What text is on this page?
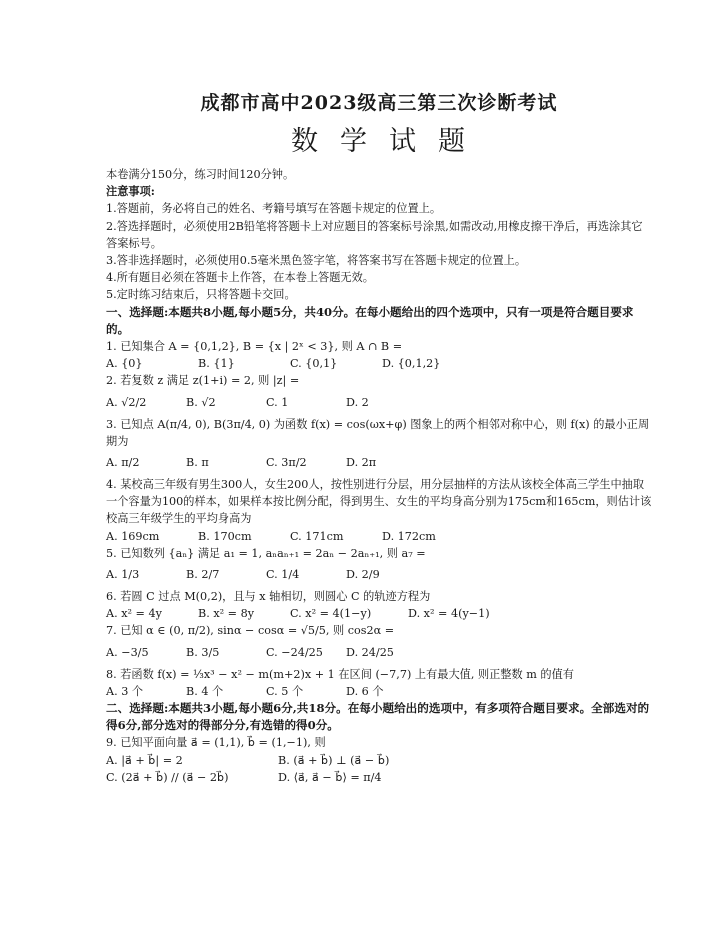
成都市高中2023级高三第三次诊断考试
数学试题
本卷满分150分，练习时间120分钟。
注意事项:
1.答题前，务必将自己的姓名、考籍号填写在答题卡规定的位置上。
2.答选择题时，必须使用2B铅笔将答题卡上对应题目的答案标号涂黑,如需改动,用橡皮擦干净后，再选涂其它答案标号。
3.答非选择题时，必须使用0.5毫米黑色签字笔，将答案书写在答题卡规定的位置上。
4.所有题目必须在答题卡上作答，在本卷上答题无效。
5.定时练习结束后，只将答题卡交回。
一、选择题:本题共8小题,每小题5分，共40分。在每小题给出的四个选项中，只有一项是符合题目要求的。
1. 已知集合 A = {0,1,2}, B = {x | 2ˣ < 3}, 则 A ∩ B =
A. {0}	B. {1}	C. {0,1}	D. {0,1,2}
2. 若复数 z 满足 z(1+i) = 2, 则 |z| =
A. √2/2	B. √2	C. 1	D. 2
3. 已知点 A(π/4, 0), B(3π/4, 0) 为函数 f(x) = cos(ωx+φ) 图象上的两个相邻对称中心，则 f(x) 的最小正周期为
A. π/2	B. π	C. 3π/2	D. 2π
4. 某校高三年级有男生300人，女生200人，按性别进行分层，用分层抽样的方法从该校全体高三学生中抽取一个容量为100的样本，如果样本按比例分配，得到男生、女生的平均身高分别为175cm和165cm，则估计该校高三年级学生的平均身高为
A. 169cm	B. 170cm	C. 171cm	D. 172cm
5. 已知数列 {aₙ} 满足 a₁ = 1, aₙaₙ₊₁ = 2aₙ − 2aₙ₊₁, 则 a₇ =
A. 1/3	B. 2/7	C. 1/4	D. 2/9
6. 若圆 C 过点 M(0,2)，且与 x 轴相切，则圆心 C 的轨迹方程为
A. x² = 4y	B. x² = 8y	C. x² = 4(1−y)	D. x² = 4(y−1)
7. 已知 α ∈ (0, π/2), sinα − cosα = √5/5, 则 cos2α =
A. −3/5	B. 3/5	C. −24/25	D. 24/25
8. 若函数 f(x) = ⅓x³ − x² − m(m+2)x + 1 在区间 (−7,7) 上有最大值, 则正整数 m 的值有
A. 3 个	B. 4 个	C. 5 个	D. 6 个
二、选择题:本题共3小题,每小题6分,共18分。在每小题给出的选项中，有多项符合题目要求。全部选对的得6分,部分选对的得部分分,有选错的得0分。
9. 已知平面向量 a⃗ = (1,1), b⃗ = (1,−1), 则
A. |a⃗ + b⃗| = 2	B. (a⃗ + b⃗) ⊥ (a⃗ − b⃗)
C. (2a⃗ + b⃗) // (a⃗ − 2b⃗)	D. ⟨a⃗, a⃗ − b⃗⟩ = π/4
